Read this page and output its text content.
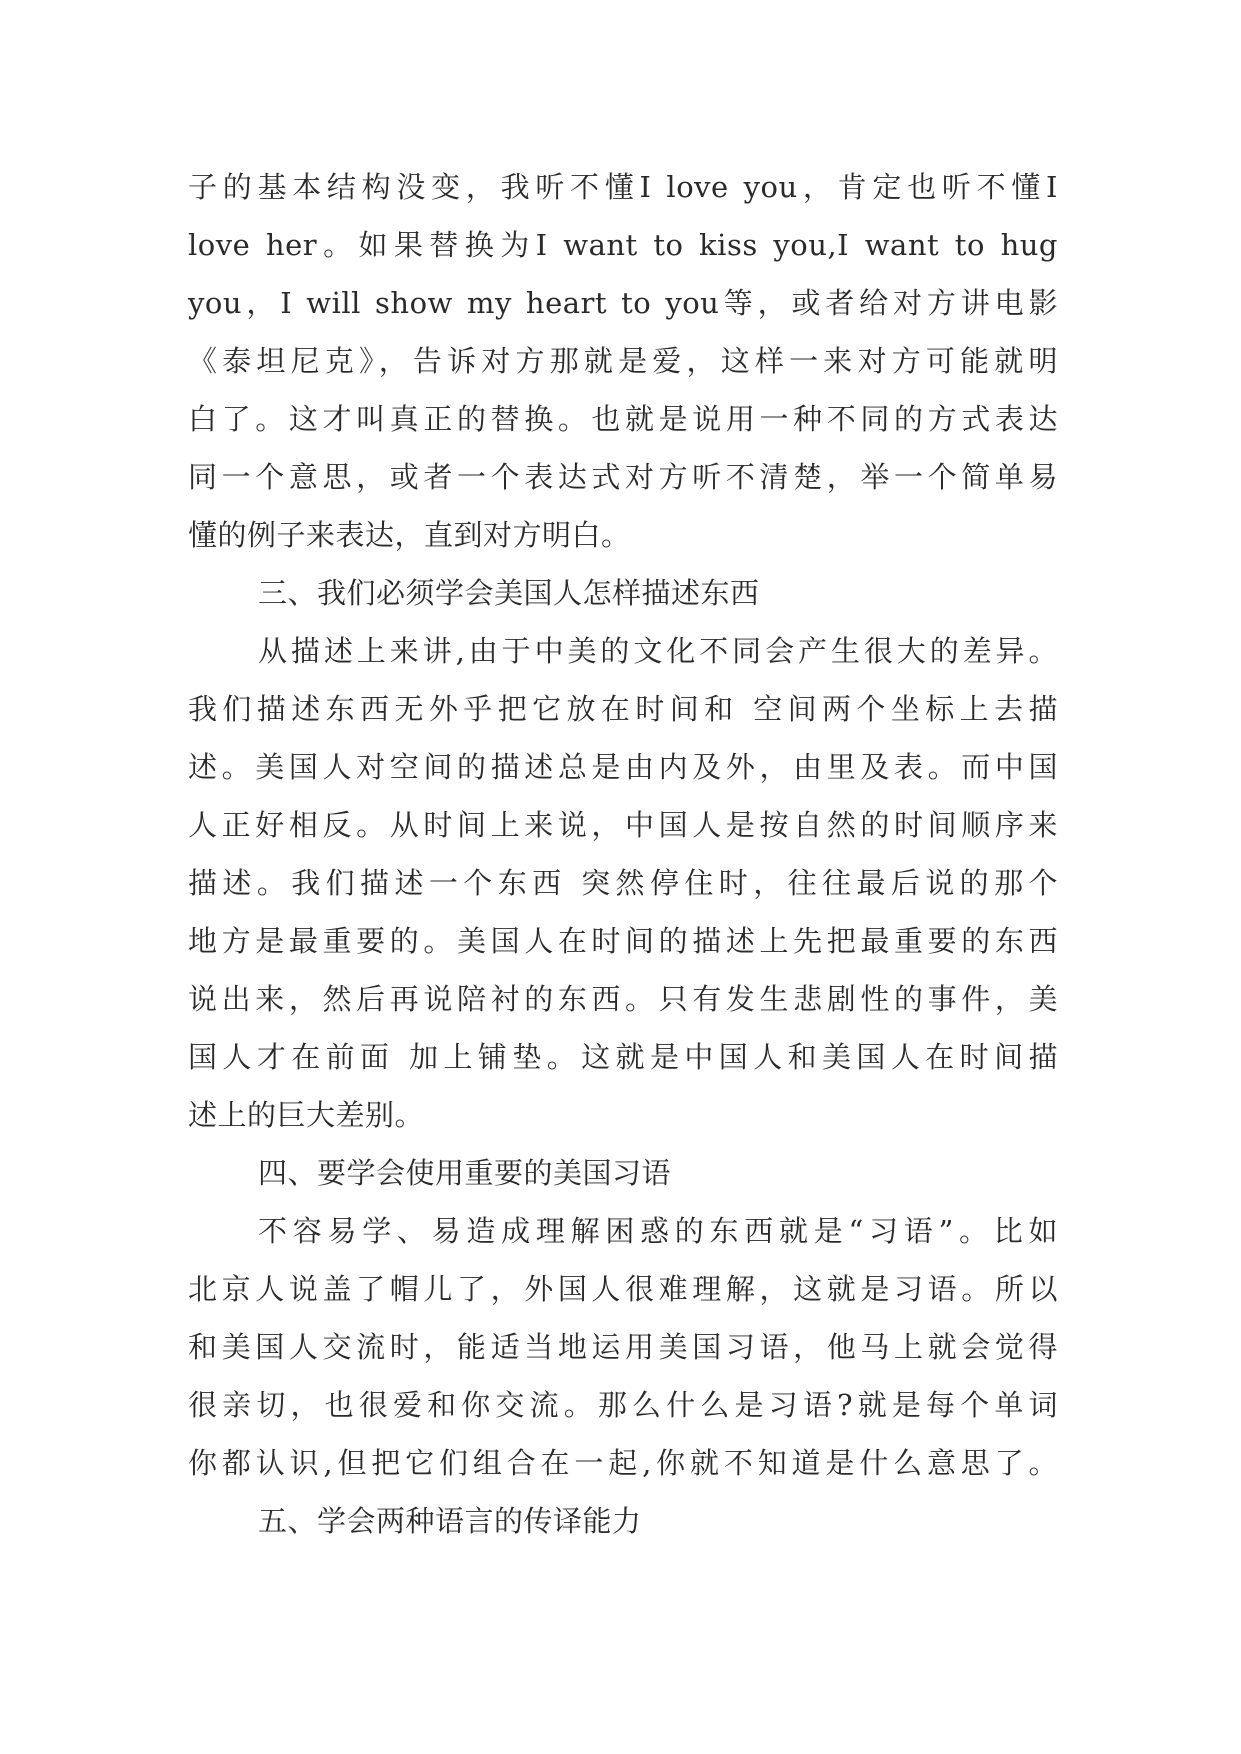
子的基本结构没变，我听不懂I love you，肯定也听不懂I
love her。如果替换为I want to kiss you,I want to hug
you，I will show my heart to you等，或者给对方讲电影
《泰坦尼克》，告诉对方那就是爱，这样一来对方可能就明
白了。这才叫真正的替换。也就是说用一种不同的方式表达
同一个意思，或者一个表达式对方听不清楚，举一个简单易
懂的例子来表达，直到对方明白。
三、我们必须学会美国人怎样描述东西
从描述上来讲,由于中美的文化不同会产生很大的差异。
我们描述东西无外乎把它放在时间和 空间两个坐标上去描
述。美国人对空间的描述总是由内及外，由里及表。而中国
人正好相反。从时间上来说，中国人是按自然的时间顺序来
描述。我们描述一个东西 突然停住时，往往最后说的那个
地方是最重要的。美国人在时间的描述上先把最重要的东西
说出来，然后再说陪衬的东西。只有发生悲剧性的事件，美
国人才在前面 加上铺垫。这就是中国人和美国人在时间描
述上的巨大差别。
四、要学会使用重要的美国习语
不容易学、易造成理解困惑的东西就是“习语”。比如
北京人说盖了帽儿了，外国人很难理解，这就是习语。所以
和美国人交流时，能适当地运用美国习语，他马上就会觉得
很亲切，也很爱和你交流。那么什么是习语?就是每个单词
你都认识,但把它们组合在一起,你就不知道是什么意思了。
五、学会两种语言的传译能力
